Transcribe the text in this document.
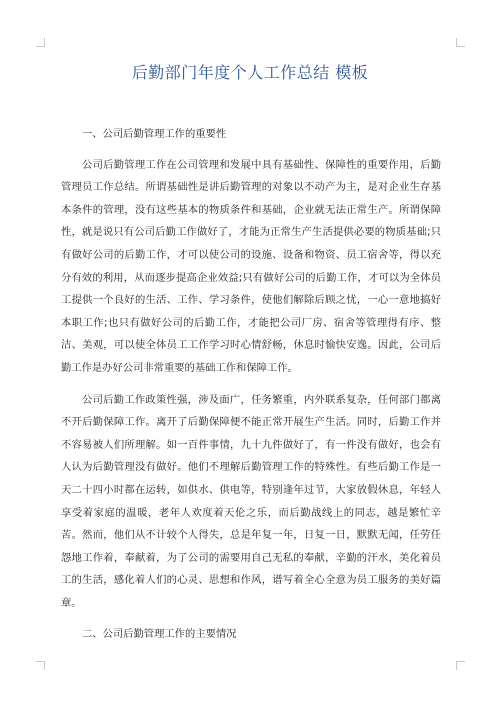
后勤部门年度个人工作总结 模板

一、公司后勤管理工作的重要性

公司后勤管理工作在公司管理和发展中具有基础性、保障性的重要作用，后勤管理员工作总结。所谓基础性是讲后勤管理的对象以不动产为主，是对企业生存基本条件的管理，没有这些基本的物质条件和基础，企业就无法正常生产。所谓保障性，就是说只有公司后勤工作做好了，才能为正常生产生活提供必要的物质基础;只有做好公司的后勤工作，才可以使公司的设施、设备和物资、员工宿舍等，得以充分有效的利用，从而逐步提高企业效益;只有做好公司的后勤工作，才可以为全体员工提供一个良好的生活、工作、学习条件，使他们解除后顾之忧，一心一意地搞好本职工作;也只有做好公司的后勤工作，才能把公司厂房、宿舍等管理得有序、整洁、美观，可以使全体员工工作学习时心情舒畅，休息时愉快安逸。因此，公司后勤工作是办好公司非常重要的基础工作和保障工作。

公司后勤工作政策性强，涉及面广，任务繁重，内外联系复杂，任何部门都离不开后勤保障工作。离开了后勤保障便不能正常开展生产生活。同时，后勤工作并不容易被人们所理解。如一百件事情，九十九件做好了，有一件没有做好，也会有人认为后勤管理没有做好。他们不理解后勤管理工作的特殊性。有些后勤工作是一天二十四小时都在运转，如供水、供电等，特别逢年过节，大家放假休息，年轻人享受着家庭的温暖，老年人欢度着天伦之乐，而后勤战线上的同志，越是繁忙辛苦。然而，他们从不计较个人得失，总是年复一年，日复一日，默默无闻，任劳任怨地工作着，奉献着，为了公司的需要用自己无私的奉献，辛勤的汗水，美化着员工的生活，感化着人们的心灵、思想和作风，谱写着全心全意为员工服务的美好篇章。

二、公司后勤管理工作的主要情况
